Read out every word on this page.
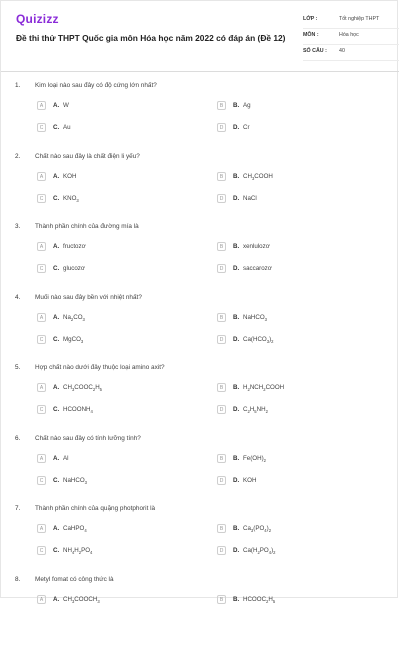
Quizizz
Đề thi thử THPT Quốc gia môn Hóa học năm 2022 có đáp án (Đề 12)
LỚP :	Tốt nghiệp THPT
MÔN :	Hóa học
SỐ CÂU : 40
1. Kim loại nào sau đây có độ cứng lớn nhất?
A	A. W	B	B. Ag
C	C. Au	D	D. Cr
2. Chất nào sau đây là chất điện li yếu?
A	A. KOH	B	B. $CH_3COOH$
C	C. $KNO_3$	D	D. NaCl
3. Thành phần chính của đường mía là
A	A. fructozơ	B	B. xenlulozơ
C	C. glucozơ	D	D. saccarozơ
4. Muối nào sau đây bền với nhiệt nhất?
A	A. $Na_2CO_3$	B	B. NaHCO$_3$
C	C. MgCO$_3$	D	D. $Ca(HCO_3)_2$
5. Hợp chất nào dưới đây thuộc loại amino axit?
A	A. $CH_3COOC_2H_5$	B	B. $H_2NCH_2COOH$
C	C. $HCOONH_4$	D	D. $C_2H_5NH_2$
6. Chất nào sau đây có tính lưỡng tính?
A	A. Al	B	B. $Fe(OH)_2$
C	C. NaHCO$_3$	D	D. KOH
7. Thành phần chính của quặng photphorit là
A	A. CaHPO$_4$	B	B. $Ca_3(PO_4)_2$
C	C. $NH_4H_2PO_4$	D	D. $Ca(H_2PO_4)_2$
8. Metyl fomat có công thức là
A	A. $CH_3COOCH_3$	B	B. $HCOOC_2H_5$
